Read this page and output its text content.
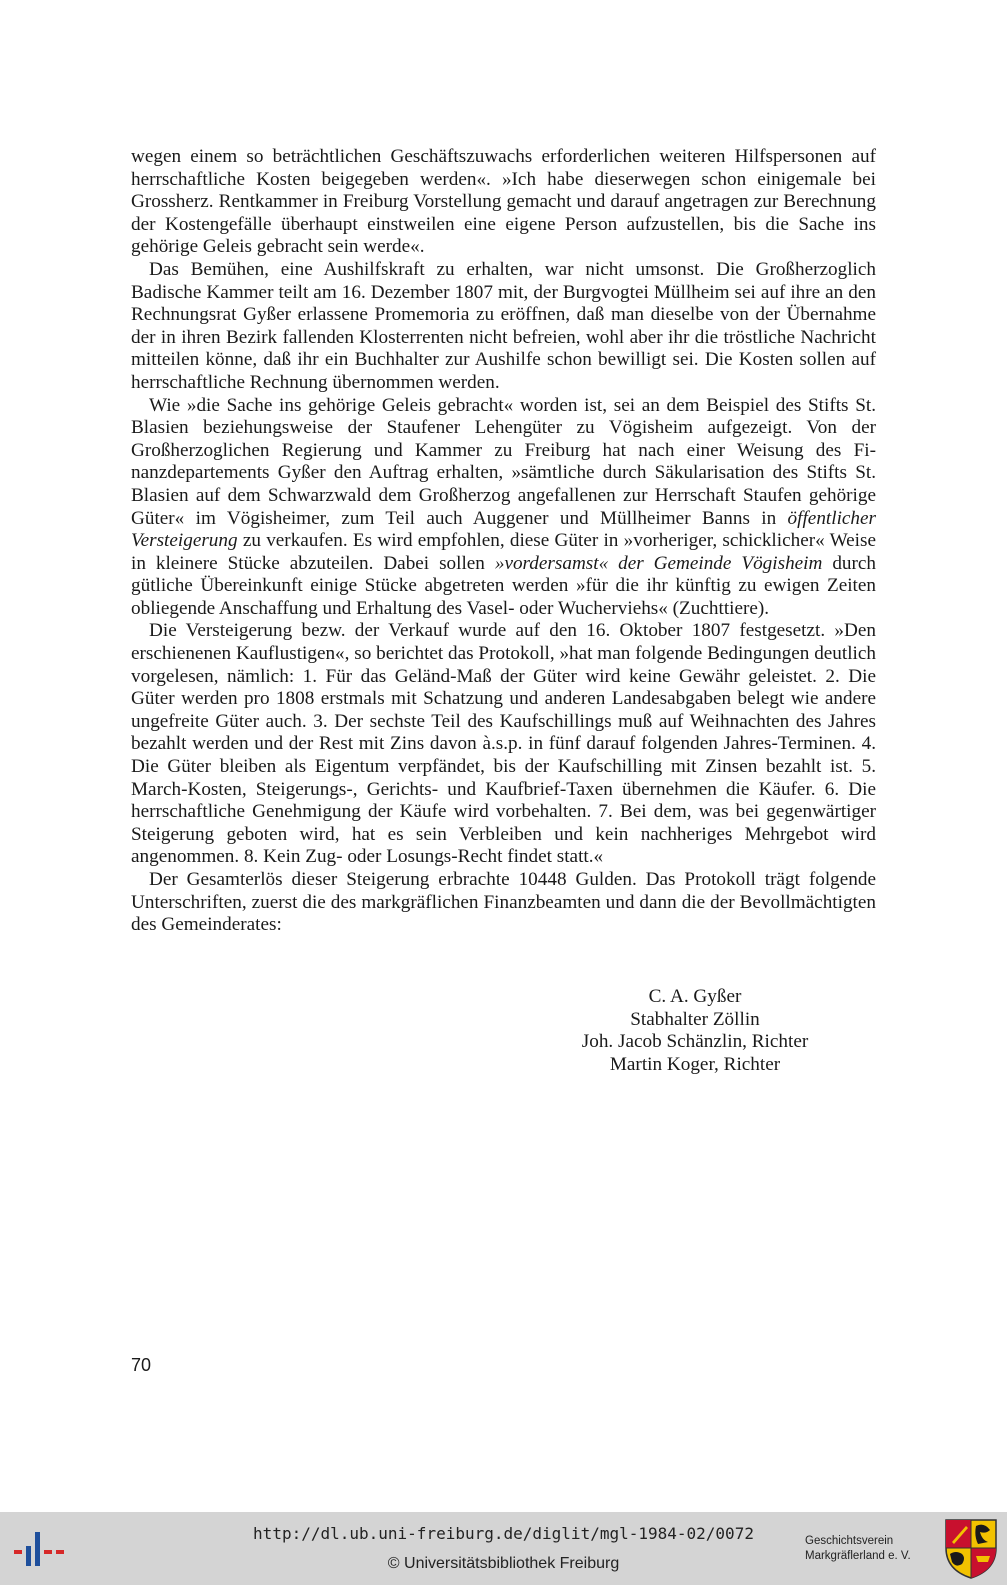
wegen einem so beträchtlichen Geschäftszuwachs erforderlichen weiteren Hilfspersonen auf herrschaftliche Kosten beigegeben werden«. »Ich habe dieserwegen schon einigemale bei Grossherz. Rentkammer in Freiburg Vorstellung gemacht und darauf angetragen zur Berechnung der Kostengefälle überhaupt einstweilen eine eigene Person aufzustellen, bis die Sache ins gehörige Geleis gebracht sein werde«.

Das Bemühen, eine Aushilfskraft zu erhalten, war nicht umsonst. Die Großherzoglich Badische Kammer teilt am 16. Dezember 1807 mit, der Burgvogtei Müllheim sei auf ihre an den Rechnungsrat Gyßer erlassene Promemoria zu eröffnen, daß man dieselbe von der Übernahme der in ihren Bezirk fallenden Klosterrenten nicht befreien, wohl aber ihr die tröstliche Nachricht mitteilen könne, daß ihr ein Buchhalter zur Aushilfe schon bewilligt sei. Die Kosten sollen auf herrschaftliche Rechnung übernommen werden.

Wie »die Sache ins gehörige Geleis gebracht« worden ist, sei an dem Beispiel des Stifts St. Blasien beziehungsweise der Staufener Lehengüter zu Vögisheim aufgezeigt. Von der Großherzoglichen Regierung und Kammer zu Freiburg hat nach einer Weisung des Finanzdepartements Gyßer den Auftrag erhalten, »sämtliche durch Säkularisation des Stifts St. Blasien auf dem Schwarzwald dem Großherzog angefallenen zur Herrschaft Staufen gehörige Güter« im Vögisheimer, zum Teil auch Auggener und Müllheimer Banns in öffentlicher Versteigerung zu verkaufen. Es wird empfohlen, diese Güter in »vorheriger, schicklicher« Weise in kleinere Stücke abzuteilen. Dabei sollen »vordersamst« der Gemeinde Vögisheim durch gütliche Übereinkunft einige Stücke abgetreten werden »für die ihr künftig zu ewigen Zeiten obliegende Anschaffung und Erhaltung des Vasel- oder Wucherviehs« (Zuchttiere).

Die Versteigerung bezw. der Verkauf wurde auf den 16. Oktober 1807 festgesetzt. »Den erschienenen Kauflustigen«, so berichtet das Protokoll, »hat man folgende Bedingungen deutlich vorgelesen, nämlich: 1. Für das Geländ-Maß der Güter wird keine Gewähr geleistet. 2. Die Güter werden pro 1808 erstmals mit Schatzung und anderen Landesabgaben belegt wie andere ungefreite Güter auch. 3. Der sechste Teil des Kaufschillings muß auf Weihnachten des Jahres bezahlt werden und der Rest mit Zins davon à.s.p. in fünf darauf folgenden Jahres-Terminen. 4. Die Güter bleiben als Eigentum verpfändet, bis der Kaufschilling mit Zinsen bezahlt ist. 5. March-Kosten, Steigerungs-, Gerichts- und Kaufbrief-Taxen übernehmen die Käufer. 6. Die herrschaftliche Genehmigung der Käufe wird vorbehalten. 7. Bei dem, was bei gegenwärtiger Steigerung geboten wird, hat es sein Verbleiben und kein nachheriges Mehrgebot wird angenommen. 8. Kein Zug- oder Losungs-Recht findet statt.«

Der Gesamterlös dieser Steigerung erbrachte 10448 Gulden. Das Protokoll trägt folgende Unterschriften, zuerst die des markgräflichen Finanzbeamten und dann die der Bevollmächtigten des Gemeinderates:

C. A. Gyßer
Stabhalter Zöllin
Joh. Jacob Schänzlin, Richter
Martin Koger, Richter
70
http://dl.ub.uni-freiburg.de/diglit/mgl-1984-02/0072
© Universitätsbibliothek Freiburg
Geschichtsverein
Markgräflerland e. V.
